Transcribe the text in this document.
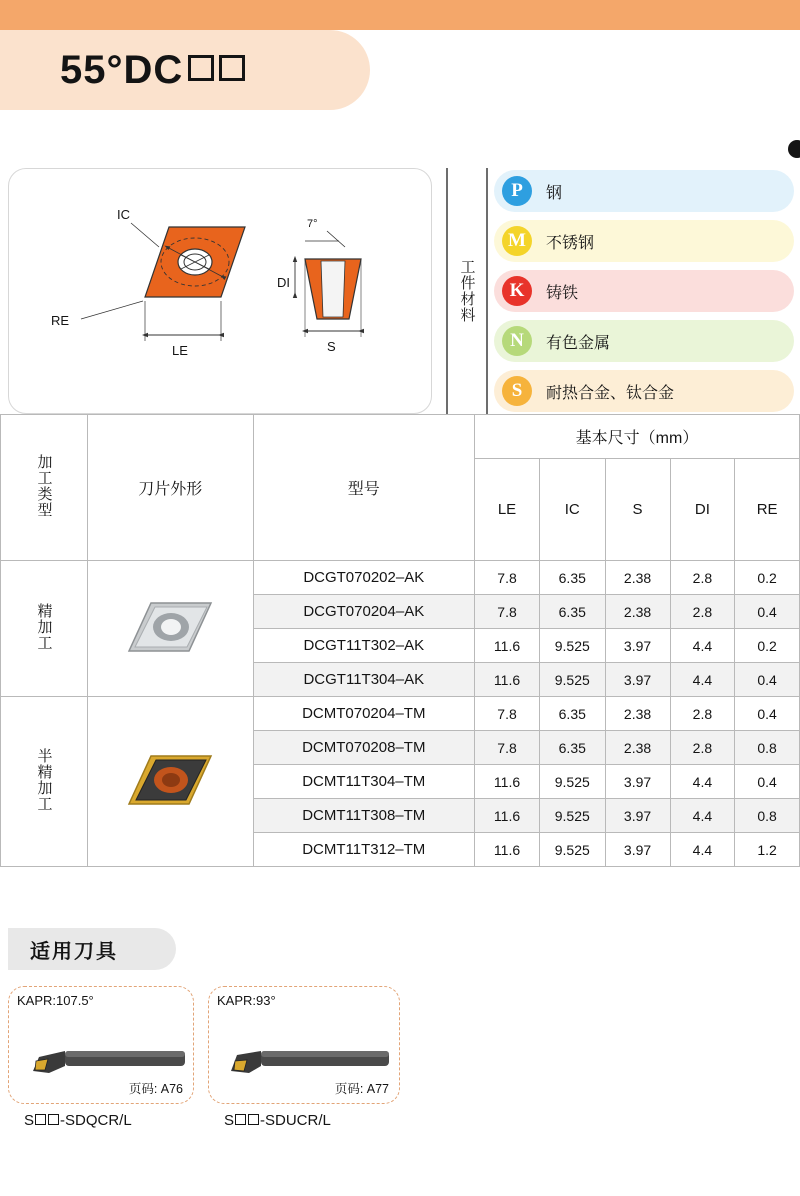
55°DC
IC
RE
LE
7°
DI
S
工件材料
P	钢
M	不锈钢
K	铸铁
N	有色金属
S	耐热合金、钛合金
加工类型	刀片外形	型号	基本尺寸（mm）				
			LE	IC	S	DI	RE
精加工		DCGT070202–AK	7.8	6.35	2.38	2.8	0.2
		DCGT070204–AK	7.8	6.35	2.38	2.8	0.4
		DCGT11T302–AK	11.6	9.525	3.97	4.4	0.2
		DCGT11T304–AK	11.6	9.525	3.97	4.4	0.4
半精加工		DCMT070204–TM	7.8	6.35	2.38	2.8	0.4
		DCMT070208–TM	7.8	6.35	2.38	2.8	0.8
		DCMT11T304–TM	11.6	9.525	3.97	4.4	0.4
		DCMT11T308–TM	11.6	9.525	3.97	4.4	0.8
		DCMT11T312–TM	11.6	9.525	3.97	4.4	1.2
适用刀具
KAPR:107.5°
页码: A76
S -SDQCR/L
KAPR:93°
页码: A77
S -SDUCR/L
